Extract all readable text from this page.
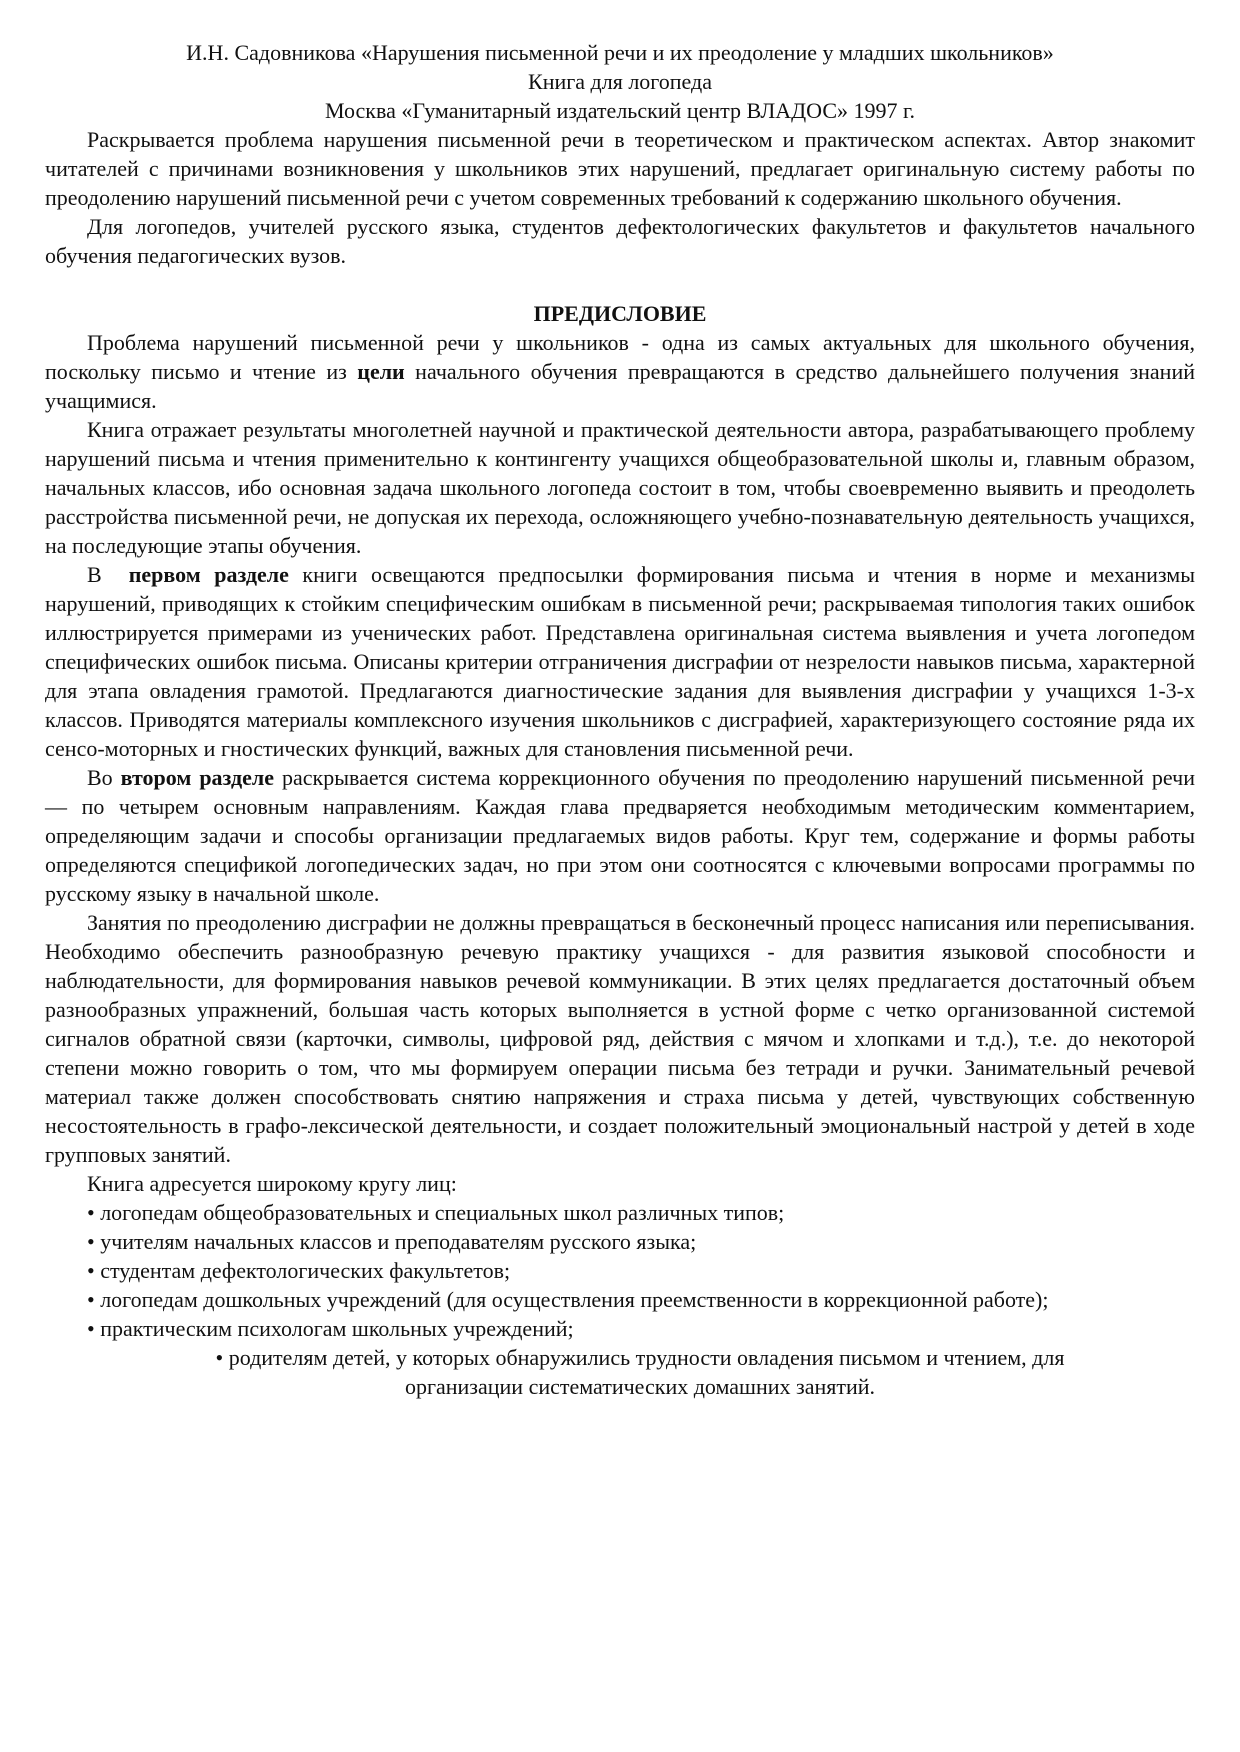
И.Н. Садовникова «Нарушения письменной речи и их преодоление у младших школьников»

Книга для логопеда

Москва «Гуманитарный издательский центр ВЛАДОС» 1997 г.

Раскрывается проблема нарушения письменной речи в теоретическом и практическом аспектах. Автор знакомит читателей с причинами возникновения у школьников этих нарушений, предлагает оригинальную систему работы по преодолению нарушений письменной речи с учетом современных требований к содержанию школьного обучения.

Для логопедов, учителей русского языка, студентов дефектологических факультетов и факультетов начального обучения педагогических вузов.

ПРЕДИСЛОВИЕ

Проблема нарушений письменной речи у школьников - одна из самых актуальных для школьного обучения, поскольку письмо и чтение из цели начального обучения превращаются в средство дальнейшего получения знаний учащимися.

Книга отражает результаты многолетней научной и практической деятельности автора, разрабатывающего проблему нарушений письма и чтения применительно к контингенту учащихся общеобразовательной школы и, главным образом, начальных классов, ибо основная задача школьного логопеда состоит в том, чтобы своевременно выявить и преодолеть расстройства письменной речи, не допуская их перехода, осложняющего учебно-познавательную деятельность учащихся, на последующие этапы обучения.

В  первом разделе книги освещаются предпосылки формирования письма и чтения в норме и механизмы нарушений, приводящих к стойким специфическим ошибкам в письменной речи; раскрываемая типология таких ошибок иллюстрируется примерами из ученических работ. Представлена оригинальная система выявления и учета логопедом специфических ошибок письма. Описаны критерии отграничения дисграфии от незрелости навыков письма, характерной для этапа овладения грамотой. Предлагаются диагностические задания для выявления дисграфии у учащихся 1-3-х классов. Приводятся материалы комплексного изучения школьников с дисграфией, характеризующего состояние ряда их сенсо-моторных и гностических функций, важных для становления письменной речи.

Во втором разделе раскрывается система коррекционного обучения по преодолению нарушений письменной речи — по четырем основным направлениям. Каждая глава предваряется необходимым методическим комментарием, определяющим задачи и способы организации предлагаемых видов работы. Круг тем, содержание и формы работы определяются спецификой логопедических задач, но при этом они соотносятся с ключевыми вопросами программы по русскому языку в начальной школе.

Занятия по преодолению дисграфии не должны превращаться в бесконечный процесс написания или переписывания. Необходимо обеспечить разнообразную речевую практику учащихся - для развития языковой способности и наблюдательности, для формирования навыков речевой коммуникации. В этих целях предлагается достаточный объем разнообразных упражнений, большая часть которых выполняется в устной форме с четко организованной системой сигналов обратной связи (карточки, символы, цифровой ряд, действия с мячом и хлопками и т.д.), т.е. до некоторой степени можно говорить о том, что мы формируем операции письма без тетради и ручки. Занимательный речевой материал также должен способствовать снятию напряжения и страха письма у детей, чувствующих собственную несостоятельность в графо-лексической деятельности, и создает положительный эмоциональный настрой у детей в ходе групповых занятий.

Книга адресуется широкому кругу лиц:

• логопедам общеобразовательных и специальных школ различных типов;
• учителям начальных классов и преподавателям русского языка;
• студентам дефектологических факультетов;
• логопедам дошкольных учреждений (для осуществления преемственности в коррекционной работе);
• практическим психологам школьных учреждений;

• родителям детей, у которых обнаружились трудности овладения письмом и чтением, для

организации систематических домашних занятий.
